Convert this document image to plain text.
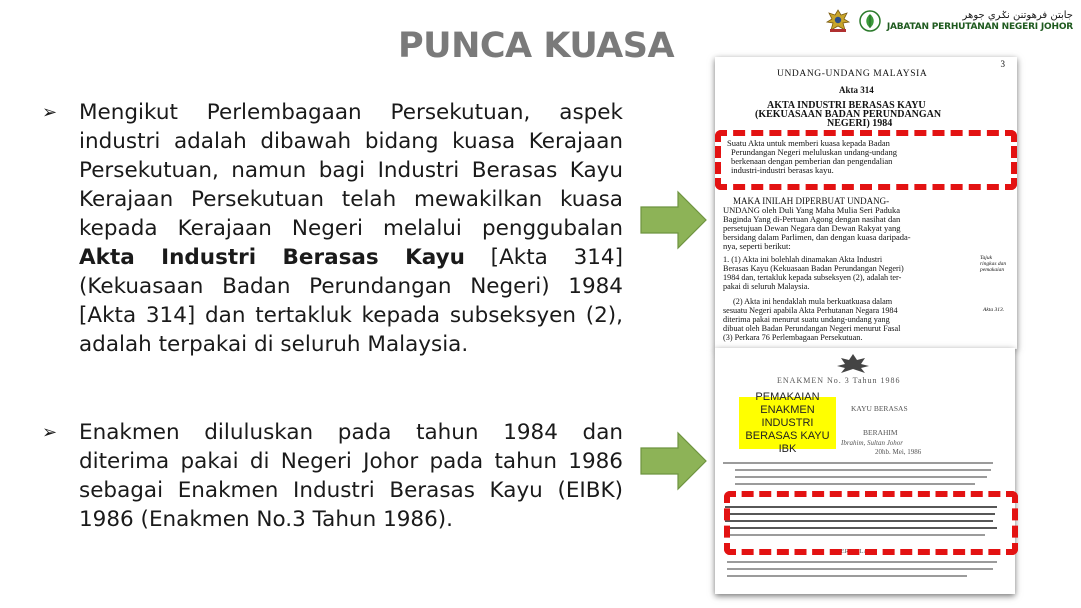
جابتن فرهوتنن نݢري جوهر
JABATAN PERHUTANAN NEGERI JOHOR
PUNCA KUASA
➢ Mengikut Perlembagaan Persekutuan, aspek industri adalah dibawah bidang kuasa Kerajaan Persekutuan, namun bagi Industri Berasas Kayu Kerajaan Persekutuan telah mewakilkan kuasa kepada Kerajaan Negeri melalui penggubalan Akta Industri Berasas Kayu [Akta 314] (Kekuasaan Badan Perundangan Negeri) 1984 [Akta 314] dan tertakluk kepada subseksyen (2), adalah terpakai di seluruh Malaysia.
➢ Enakmen diluluskan pada tahun 1984 dan diterima pakai di Negeri Johor pada tahun 1986 sebagai Enakmen Industri Berasas Kayu (EIBK) 1986 (Enakmen No.3 Tahun 1986).
3
UNDANG-UNDANG MALAYSIA
Akta 314
AKTA INDUSTRI BERASAS KAYU
(KEKUASAAN BADAN PERUNDANGAN
NEGERI) 1984
Suatu Akta untuk memberi kuasa kepada Badan
Perundangan Negeri meluluskan undang-undang
berkenaan dengan pemberian dan pengendalian
industri-industri berasas kayu.
MAKA INILAH DIPERBUAT UNDANG-
UNDANG oleh Duli Yang Maha Mulia Seri Paduka
Baginda Yang di-Pertuan Agong dengan nasihat dan
persetujuan Dewan Negara dan Dewan Rakyat yang
bersidang dalam Parlimen, dan dengan kuasa daripada-
nya, seperti berikut:
1. (1) Akta ini bolehlah dinamakan Akta Industri
Berasas Kayu (Kekuasaan Badan Perundangan Negeri)
1984 dan, tertakluk kepada subseksyen (2), adalah ter-
pakai di seluruh Malaysia.
(2) Akta ini hendaklah mula berkuatkuasa dalam
sesuatu Negeri apabila Akta Perhutanan Negara 1984
diterima pakai menurut suatu undang-undang yang
dibuat oleh Badan Perundangan Negeri menurut Fasal
(3) Perkara 76 Perlembagaan Persekutuan.
Tajuk
ringkas dan
pemakaian
Akta 313.
ENAKMEN No. 3 Tahun 1986
KAYU BERASAS
BERAHIM
Ibrahim, Sultan Johor
20hb. Mei, 1986
PERMULAAN
PEMAKAIAN ENAKMEN INDUSTRI BERASAS KAYU IBK
